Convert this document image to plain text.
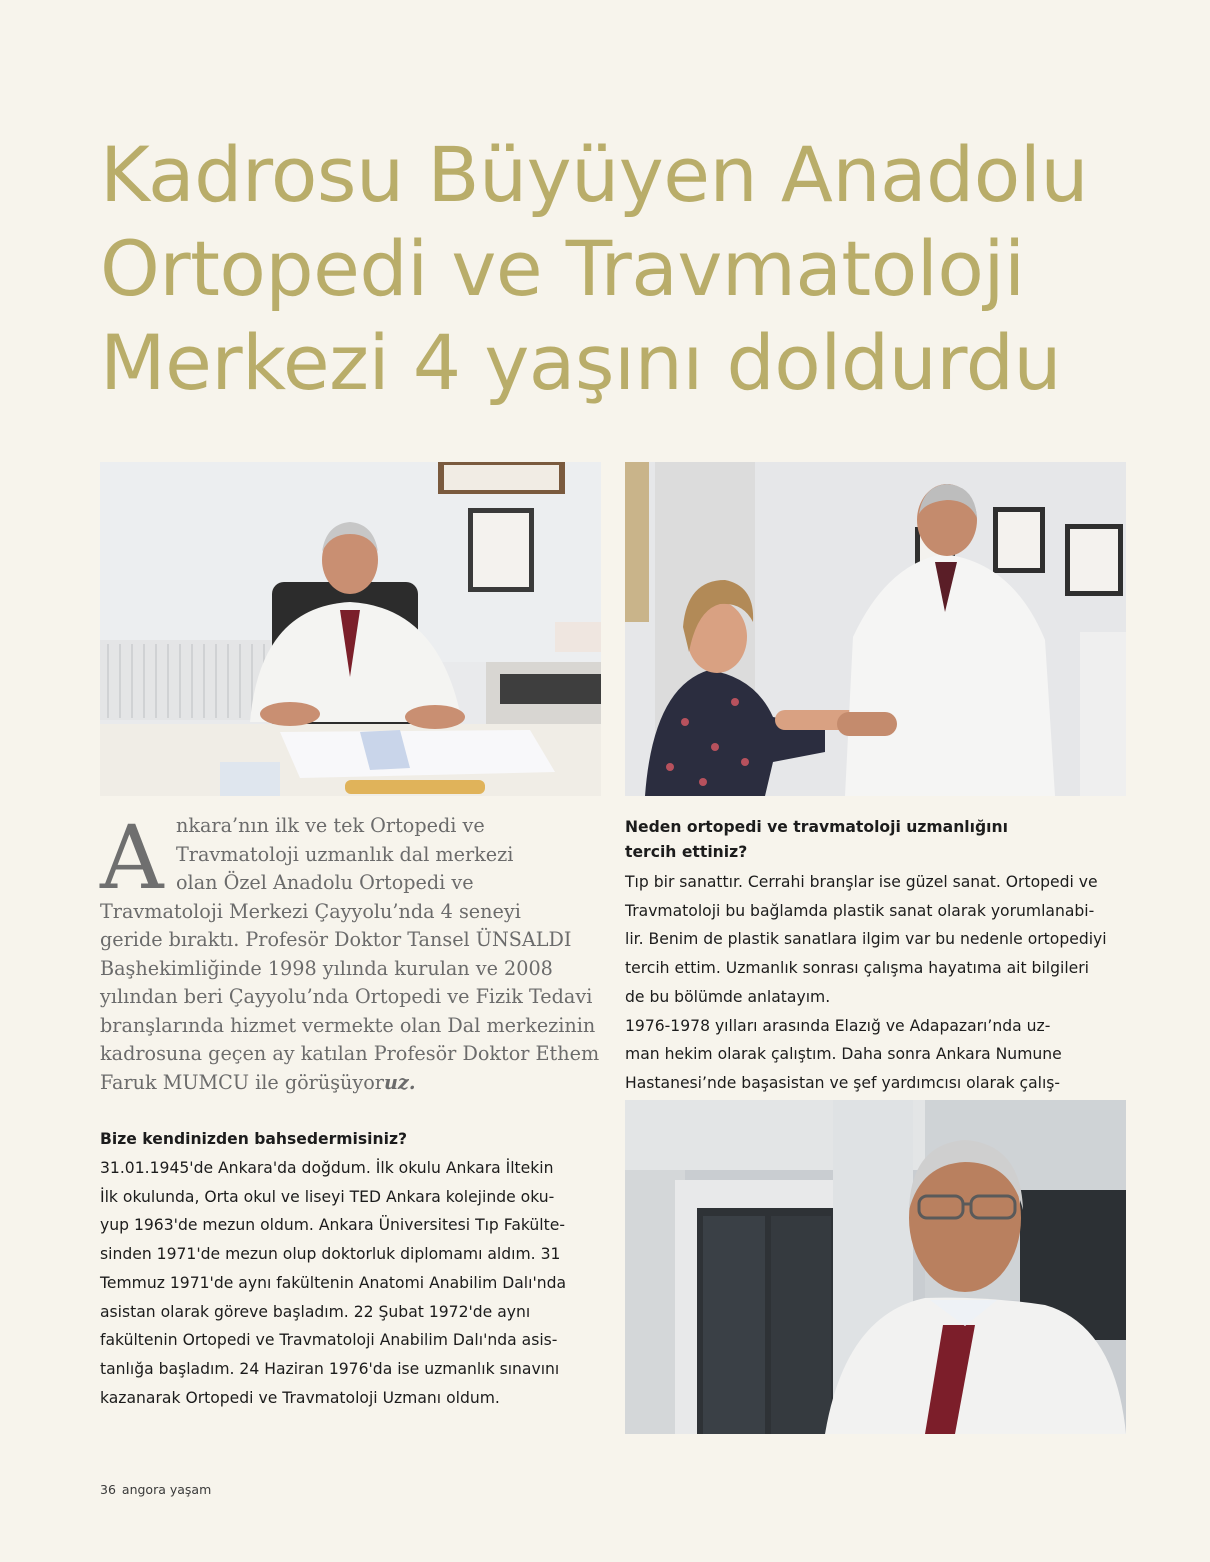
Kadrosu Büyüyen Anadolu
Ortopedi ve Travmatoloji
Merkezi 4 yaşını doldurdu
A nkara’nın ilk ve tek Ortopedi ve
Travmatoloji uzmanlık dal merkezi
olan Özel Anadolu Ortopedi ve
Travmatoloji Merkezi Çayyolu’nda 4 seneyi
geride bıraktı. Profesör Doktor Tansel ÜNSALDI
Başhekimliğinde 1998 yılında kurulan ve 2008
yılından beri Çayyolu’nda Ortopedi ve Fizik Tedavi
branşlarında hizmet vermekte olan Dal merkezinin
kadrosuna geçen ay katılan Profesör Doktor Ethem
Faruk MUMCU ile görüşüyoruz.
Bize kendinizden bahsedermisiniz?
31.01.1945'de Ankara'da doğdum. İlk okulu Ankara İltekin
İlk okulunda, Orta okul ve liseyi TED Ankara kolejinde oku-
yup 1963'de mezun oldum. Ankara Üniversitesi Tıp Fakülte-
sinden 1971'de mezun olup doktorluk diplomamı aldım. 31
Temmuz 1971'de aynı fakültenin Anatomi Anabilim Dalı'nda
asistan olarak göreve başladım. 22 Şubat 1972'de aynı
fakültenin Ortopedi ve Travmatoloji Anabilim Dalı'nda asis-
tanlığa başladım. 24 Haziran 1976'da ise uzmanlık sınavını
kazanarak Ortopedi ve Travmatoloji Uzmanı oldum.
Neden ortopedi ve travmatoloji uzmanlığını
tercih ettiniz?
Tıp bir sanattır. Cerrahi branşlar ise güzel sanat. Ortopedi ve
Travmatoloji bu bağlamda plastik sanat olarak yorumlanabi-
lir. Benim de plastik sanatlara ilgim var bu nedenle ortopediyi
tercih ettim. Uzmanlık sonrası çalışma hayatıma ait bilgileri
de bu bölümde anlatayım.
1976-1978 yılları arasında Elazığ ve Adapazarı’nda uz-
man hekim olarak çalıştım. Daha sonra Ankara Numune
Hastanesi’nde başasistan ve şef yardımcısı olarak çalış-
36 angora yaşam
